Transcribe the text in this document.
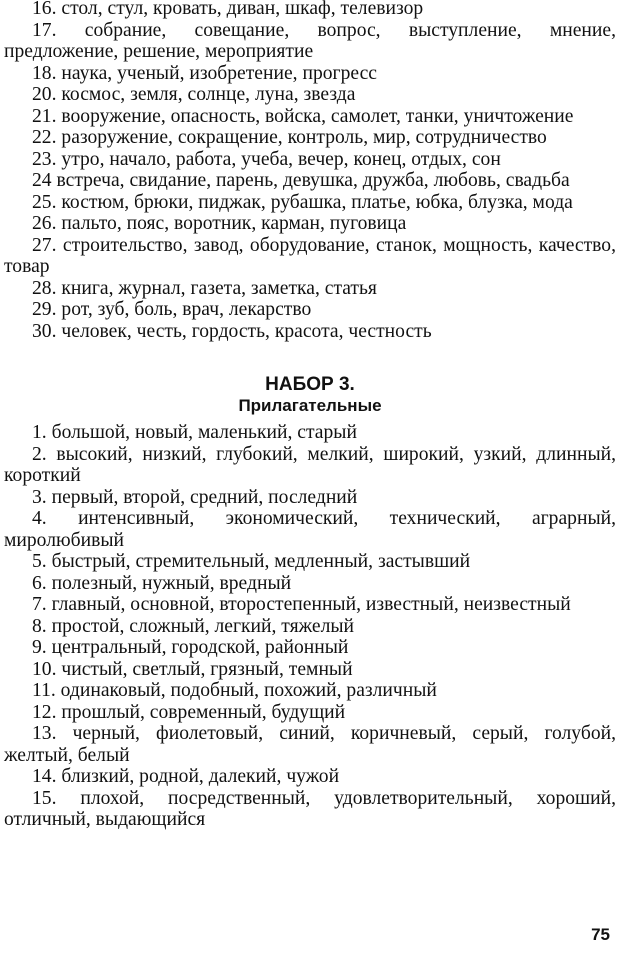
16. стол, стул, кровать, диван, шкаф, телевизор

17. собрание, совещание, вопрос, выступление, мнение, предложение, решение, мероприятие

18. наука, ученый, изобретение, прогресс

20. космос, земля, солнце, луна, звезда

21. вооружение, опасность, войска, самолет, танки, уничтожение

22. разоружение, сокращение, контроль, мир, сотрудничество

23. утро, начало, работа, учеба, вечер, конец, отдых, сон

24 встреча, свидание, парень, девушка, дружба, любовь, свадьба

25. костюм, брюки, пиджак, рубашка, платье, юбка, блузка, мода

26. пальто, пояс, воротник, карман, пуговица

27. строительство, завод, оборудование, станок, мощность, качество, товар

28. книга, журнал, газета, заметка, статья

29. рот, зуб, боль, врач, лекарство

30. человек, честь, гордость, красота, честность

НАБОР 3.
Прилагательные

1. большой, новый, маленький, старый

2. высокий, низкий, глубокий, мелкий, широкий, узкий, длинный, короткий

3. первый, второй, средний, последний

4. интенсивный, экономический, технический, аграрный, миролюбивый

5. быстрый, стремительный, медленный, застывший

6. полезный, нужный, вредный

7. главный, основной, второстепенный, известный, неизвестный

8. простой, сложный, легкий, тяжелый

9. центральный, городской, районный

10. чистый, светлый, грязный, темный

11. одинаковый, подобный, похожий, различный

12. прошлый, современный, будущий

13. черный, фиолетовый, синий, коричневый, серый, голубой, желтый, белый

14. близкий, родной, далекий, чужой

15. плохой, посредственный, удовлетворительный, хороший, отличный, выдающийся

75
